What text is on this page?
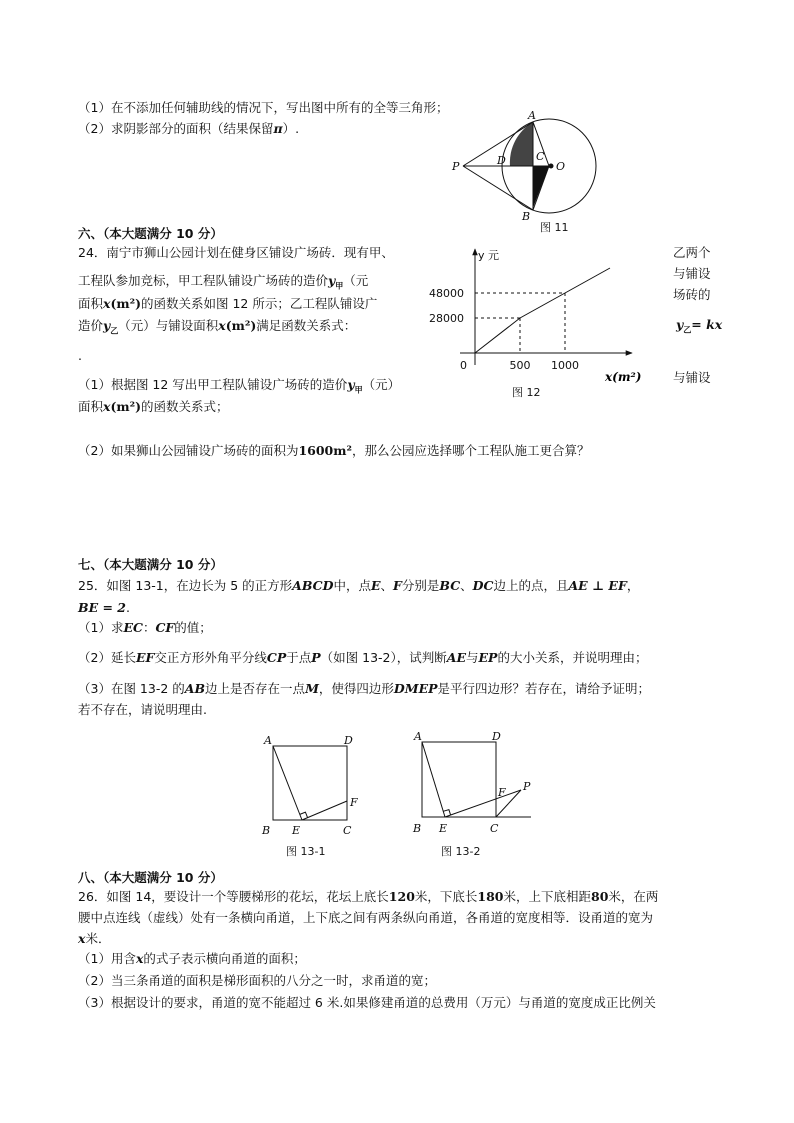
（1）在不添加任何辅助线的情况下，写出图中所有的全等三角形；
（2）求阴影部分的面积（结果保留π）.
A
P	D	C
O
B
图 11
六、（本大题满分 10 分）
24．南宁市狮山公园计划在健身区铺设广场砖．现有甲、	乙两个
工程队参加竞标，甲工程队铺设广场砖的造价$y_甲$（元	与铺设
面积x(m²)的函数关系如图 12 所示；乙工程队铺设广
场砖的
造价$y_乙$（元）与铺设面积x(m²)满足函数关系式：	$y_乙=$ kx
.
（1）根据图 12 写出甲工程队铺设广场砖的造价$y_甲$（元）	与铺设
面积x(m²)的函数关系式；
（2）如果狮山公园铺设广场砖的面积为1600m²，那么公园应选择哪个工程队施工更合算？
y 元
0	500 1000
28000
48000
x(m²)
图 12
七、（本大题满分 10 分）
25．如图 13-1，在边长为 5 的正方形ABCD中，点E、F分别是BC、DC边上的点，且AE ⊥ EF，
BE = 2.
（1）求EC：CF的值；
（2）延长EF交正方形外角平分线CP于点P（如图 13-2），试判断AE与EP的大小关系，并说明理由；
（3）在图 13-2 的AB边上是否存在一点M，使得四边形DMEP是平行四边形？若存在，请给予证明；
若不存在，请说明理由.
A	D
B E	C
F
图 13-1
A	D
B E	C
F P
图 13-2
八、（本大题满分 10 分）
26．如图 14，要设计一个等腰梯形的花坛，花坛上底长120米，下底长180米，上下底相距80米，在两
腰中点连线（虚线）处有一条横向甬道，上下底之间有两条纵向甬道，各甬道的宽度相等．设甬道的宽为
x米．
（1）用含x的式子表示横向甬道的面积；
（2）当三条甬道的面积是梯形面积的八分之一时，求甬道的宽；
（3）根据设计的要求，甬道的宽不能超过 6 米.如果修建甬道的总费用（万元）与甬道的宽度成正比例关
